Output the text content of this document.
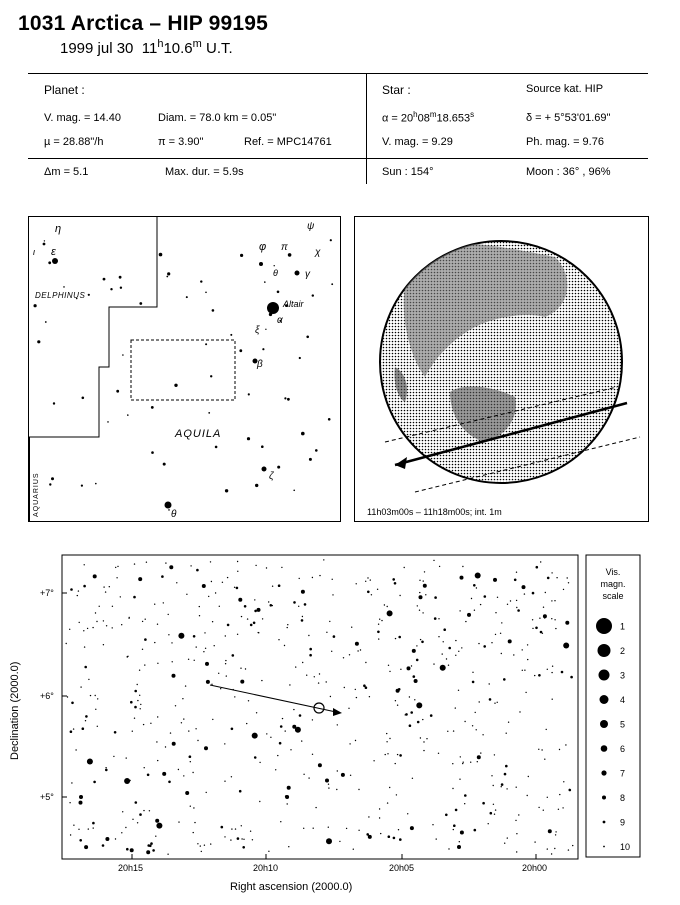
1031 Arctica – HIP 99195
1999 jul 30 11$^h$10.6$^m$ U.T.
Planet :
V. mag. = 14.40	Diam. = 78.0 km = 0.05"
µ = 28.88"/h	π = 3.90"	Ref. = MPC14761
Star :	Source kat. HIP
$\alpha = 20^h08^m18.653^s$	δ = + 5°53'01.69"
V. mag. = 9.29	Ph. mag. = 9.76
Δm = 5.1	Max. dur. = 5.9s	Sun : 154°	Moon : 36° , 96%
DELPHINUS
AQUILA
Altair
AQUARIUS
η
ε
ι
ψ
φ π	χ
θ	γ
α
ξ
β
ζ
θ	11h03m00s – 11h18m00s; int. 1m
+7°
+6°
+5°
20h15	20h10	20h05	20h00
Right ascension (2000.0)
Declination (2000.0)
Vis.
magn.
scale
1
2
3
4
5
6
7
8
9
10
